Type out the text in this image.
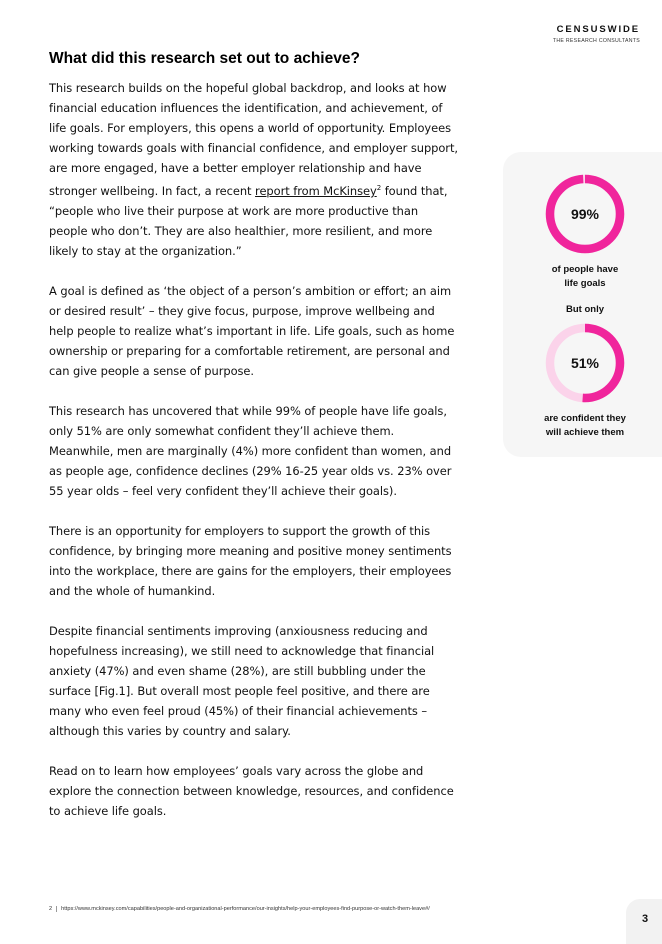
CENSUSWIDE
THE RESEARCH CONSULTANTS
What did this research set out to achieve?

This research builds on the hopeful global backdrop, and looks at how financial education influences the identification, and achievement, of life goals. For employers, this opens a world of opportunity. Employees working towards goals with financial confidence, and employer support, are more engaged, have a better employer relationship and have stronger wellbeing. In fact, a recent report from McKinsey$^2$ found that, “people who live their purpose at work are more productive than people who don’t. They are also healthier, more resilient, and more likely to stay at the organization.”

A goal is defined as ‘the object of a person’s ambition or effort; an aim or desired result’ – they give focus, purpose, improve wellbeing and help people to realize what’s important in life. Life goals, such as home ownership or preparing for a comfortable retirement, are personal and can give people a sense of purpose.

This research has uncovered that while 99% of people have life goals, only 51% are only somewhat confident they’ll achieve them. Meanwhile, men are marginally (4%) more confident than women, and as people age, confidence declines (29% 16-25 year olds vs. 23% over 55 year olds – feel very confident they’ll achieve their goals).

There is an opportunity for employers to support the growth of this confidence, by bringing more meaning and positive money sentiments into the workplace, there are gains for the employers, their employees and the whole of humankind.

Despite financial sentiments improving (anxiousness reducing and hopefulness increasing), we still need to acknowledge that financial anxiety (47%) and even shame (28%), are still bubbling under the surface [Fig.1]. But overall most people feel positive, and there are many who even feel proud (45%) of their financial achievements – although this varies by country and salary.

Read on to learn how employees’ goals vary across the globe and explore the connection between knowledge, resources, and confidence to achieve life goals.

99%
of people have
life goals
But only
51%
are confident they
will achieve them
2 https://www.mckinsey.com/capabilities/people-and-organizational-performance/our-insights/help-your-employees-find-purpose-or-watch-them-leave#/
3
